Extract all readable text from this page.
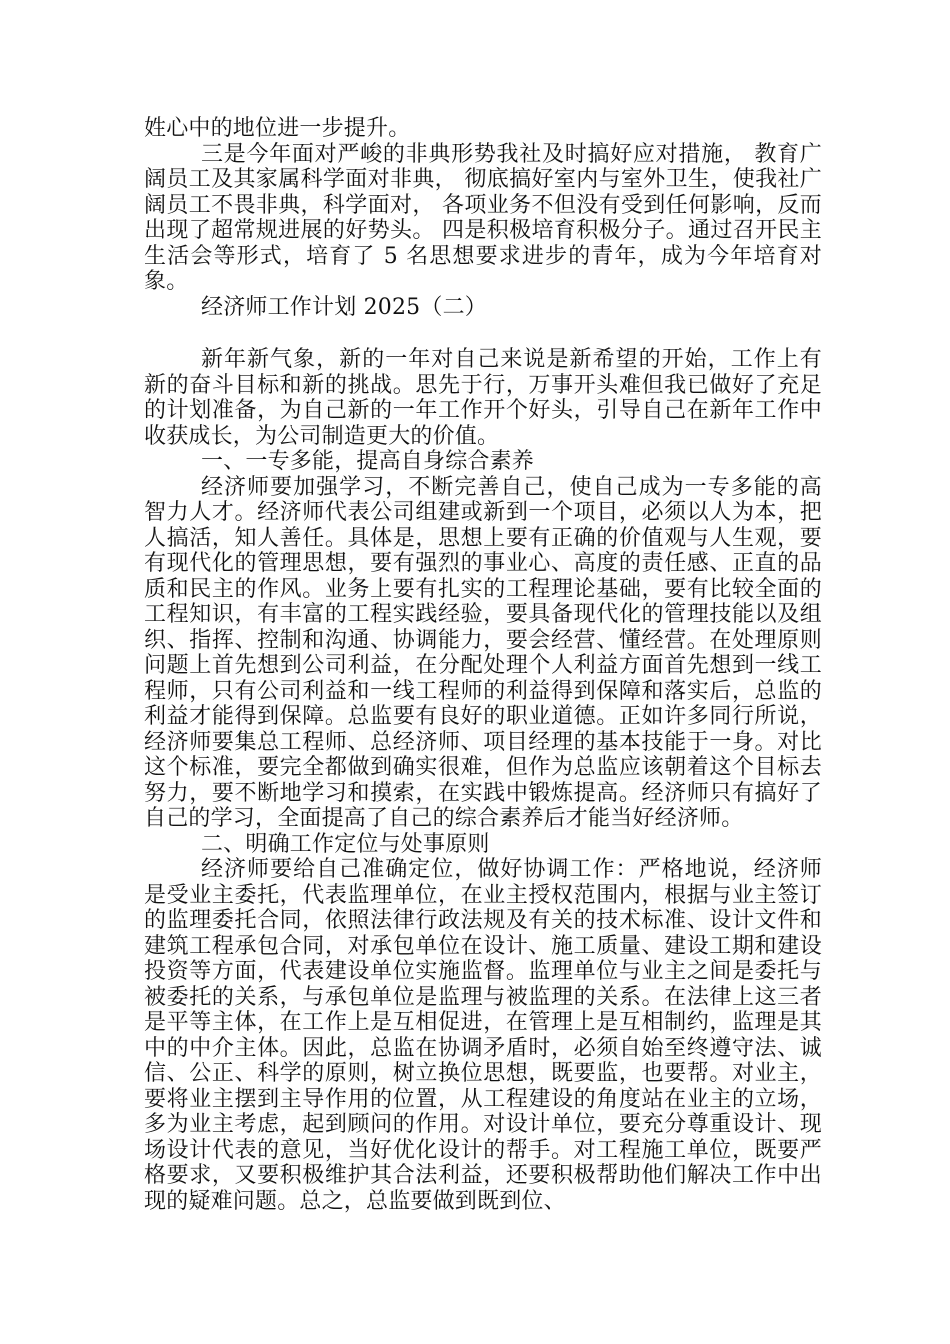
姓心中的地位进一步提升。

三是今年面对严峻的非典形势我社及时搞好应对措施， 教育广阔员工及其家属科学面对非典， 彻底搞好室内与室外卫生，使我社广阔员工不畏非典，科学面对， 各项业务不但没有受到任何影响，反而出现了超常规进展的好势头。 四是积极培育积极分子。通过召开民主生活会等形式，培育了 5 名思想要求进步的青年，成为今年培育对象。

经济师工作计划 2025（二）

新年新气象，新的一年对自己来说是新希望的开始，工作上有新的奋斗目标和新的挑战。思先于行，万事开头难但我已做好了充足的计划准备，为自己新的一年工作开个好头，引导自己在新年工作中收获成长，为公司制造更大的价值。

一、一专多能，提高自身综合素养

经济师要加强学习，不断完善自己，使自己成为一专多能的高智力人才。经济师代表公司组建或新到一个项目，必须以人为本，把人搞活，知人善任。具体是，思想上要有正确的价值观与人生观，要有现代化的管理思想，要有强烈的事业心、高度的责任感、正直的品质和民主的作风。业务上要有扎实的工程理论基础，要有比较全面的工程知识，有丰富的工程实践经验，要具备现代化的管理技能以及组织、指挥、控制和沟通、协调能力，要会经营、懂经营。在处理原则问题上首先想到公司利益，在分配处理个人利益方面首先想到一线工程师，只有公司利益和一线工程师的利益得到保障和落实后，总监的利益才能得到保障。总监要有良好的职业道德。正如许多同行所说，经济师要集总工程师、总经济师、项目经理的基本技能于一身。对比这个标准，要完全都做到确实很难，但作为总监应该朝着这个目标去努力，要不断地学习和摸索，在实践中锻炼提高。经济师只有搞好了自己的学习，全面提高了自己的综合素养后才能当好经济师。

二、明确工作定位与处事原则

经济师要给自己准确定位，做好协调工作：严格地说，经济师是受业主委托，代表监理单位，在业主授权范围内，根据与业主签订的监理委托合同，依照法律行政法规及有关的技术标准、设计文件和建筑工程承包合同，对承包单位在设计、施工质量、建设工期和建设投资等方面，代表建设单位实施监督。监理单位与业主之间是委托与被委托的关系，与承包单位是监理与被监理的关系。在法律上这三者是平等主体，在工作上是互相促进，在管理上是互相制约，监理是其中的中介主体。因此，总监在协调矛盾时，必须自始至终遵守法、诚信、公正、科学的原则，树立换位思想，既要监，也要帮。对业主，要将业主摆到主导作用的位置，从工程建设的角度站在业主的立场，多为业主考虑，起到顾问的作用。对设计单位，要充分尊重设计、现场设计代表的意见，当好优化设计的帮手。对工程施工单位，既要严格要求，又要积极维护其合法利益，还要积极帮助他们解决工作中出现的疑难问题。总之，总监要做到既到位、
